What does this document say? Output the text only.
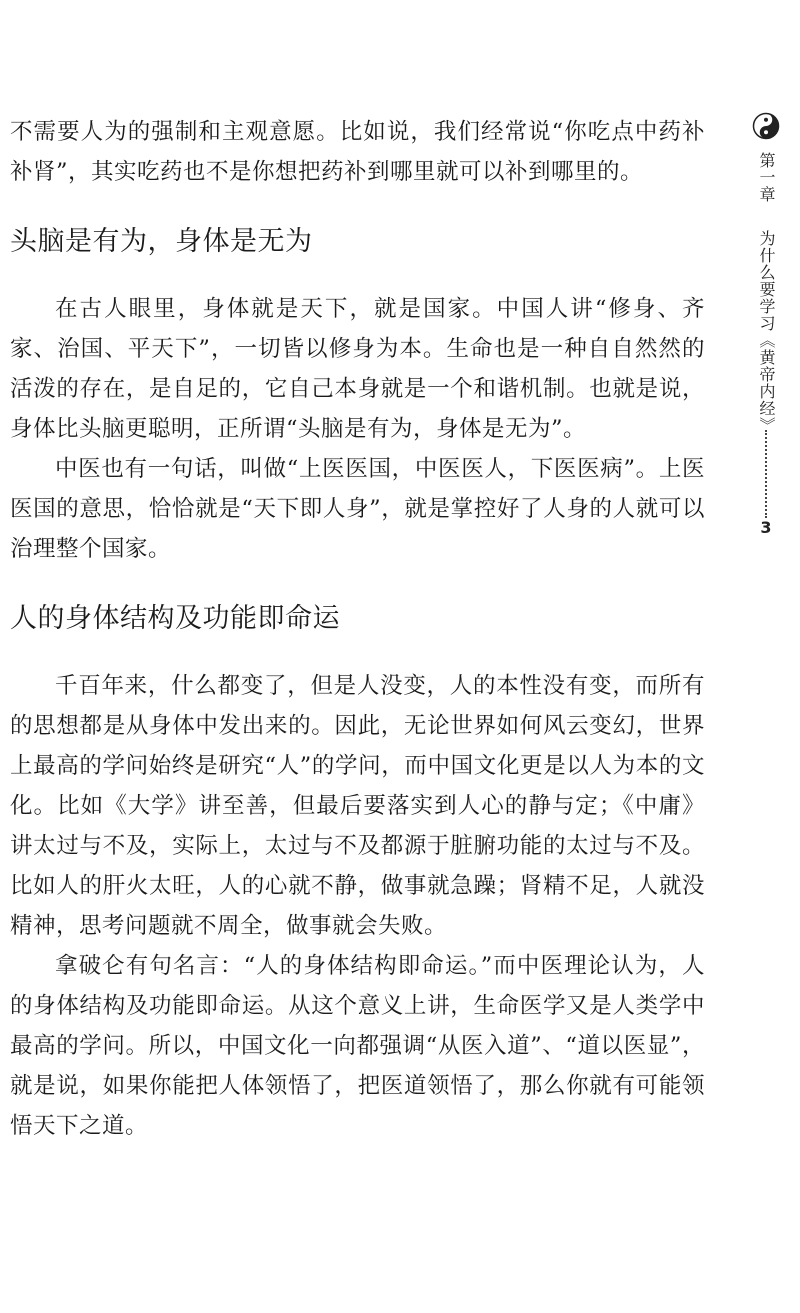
不需要人为的强制和主观意愿。比如说，我们经常说“你吃点中药补补肾”，其实吃药也不是你想把药补到哪里就可以补到哪里的。

头脑是有为，身体是无为

在古人眼里，身体就是天下，就是国家。中国人讲“修身、齐家、治国、平天下”，一切皆以修身为本。生命也是一种自自然然的活泼的存在，是自足的，它自己本身就是一个和谐机制。也就是说，身体比头脑更聪明，正所谓“头脑是有为，身体是无为”。

中医也有一句话，叫做“上医医国，中医医人，下医医病”。上医医国的意思，恰恰就是“天下即人身”，就是掌控好了人身的人就可以治理整个国家。

人的身体结构及功能即命运

千百年来，什么都变了，但是人没变，人的本性没有变，而所有的思想都是从身体中发出来的。因此，无论世界如何风云变幻，世界上最高的学问始终是研究“人”的学问，而中国文化更是以人为本的文化。比如《大学》讲至善，但最后要落实到人心的静与定；《中庸》讲太过与不及，实际上，太过与不及都源于脏腑功能的太过与不及。比如人的肝火太旺，人的心就不静，做事就急躁；肾精不足，人就没精神，思考问题就不周全，做事就会失败。

拿破仑有句名言：“人的身体结构即命运。”而中医理论认为，人的身体结构及功能即命运。从这个意义上讲，生命医学又是人类学中最高的学问。所以，中国文化一向都强调“从医入道”、“道以医显”，就是说，如果你能把人体领悟了，把医道领悟了，那么你就有可能领悟天下之道。

第一章
为什么要学习《黄帝内经》
3
